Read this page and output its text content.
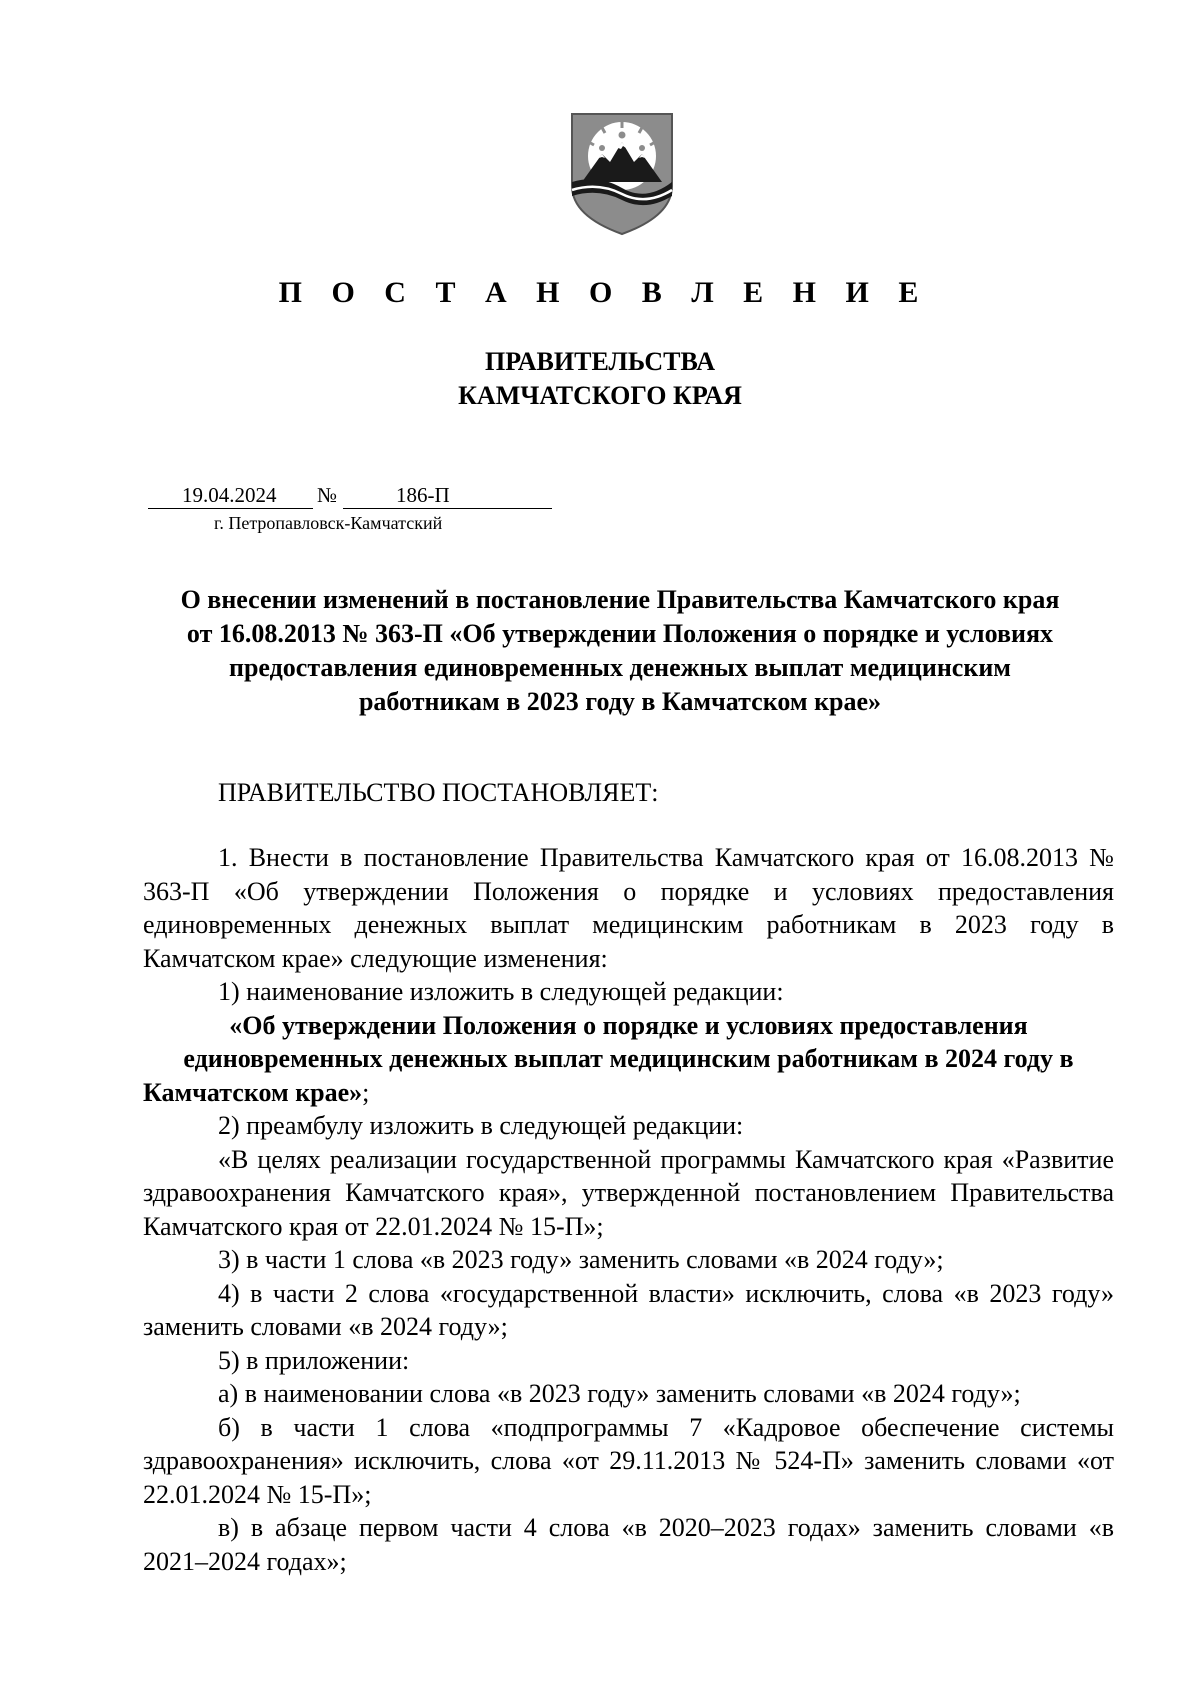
П О С Т А Н О В Л Е Н И Е
ПРАВИТЕЛЬСТВА
КАМЧАТСКОГО КРАЯ
19.04.2024 №	186-П
г. Петропавловск-Камчатский
О внесении изменений в постановление Правительства Камчатского края
от 16.08.2013 № 363-П «Об утверждении Положения о порядке и условиях
предоставления единовременных денежных выплат медицинским
работникам в 2023 году в Камчатском крае»
ПРАВИТЕЛЬСТВО ПОСТАНОВЛЯЕТ:

1. Внести в постановление Правительства Камчатского края от 16.08.2013 № 363-П «Об утверждении Положения о порядке и условиях предоставления единовременных денежных выплат медицинским работникам в 2023 году в Камчатском крае» следующие изменения:

1) наименование изложить в следующей редакции:

«Об утверждении Положения о порядке и условиях предоставления единовременных денежных выплат медицинским работникам в 2024 году в Камчатском крае»;

2) преамбулу изложить в следующей редакции:

«В целях реализации государственной программы Камчатского края «Развитие здравоохранения Камчатского края», утвержденной постановлением Правительства Камчатского края от 22.01.2024 № 15-П»;

3) в части 1 слова «в 2023 году» заменить словами «в 2024 году»;

4) в части 2 слова «государственной власти» исключить, слова «в 2023 году» заменить словами «в 2024 году»;

5) в приложении:

а) в наименовании слова «в 2023 году» заменить словами «в 2024 году»;

б) в части 1 слова «подпрограммы 7 «Кадровое обеспечение системы здравоохранения» исключить, слова «от 29.11.2013 № 524-П» заменить словами «от 22.01.2024 № 15-П»;

в) в абзаце первом части 4 слова «в 2020–2023 годах» заменить словами «в 2021–2024 годах»;
